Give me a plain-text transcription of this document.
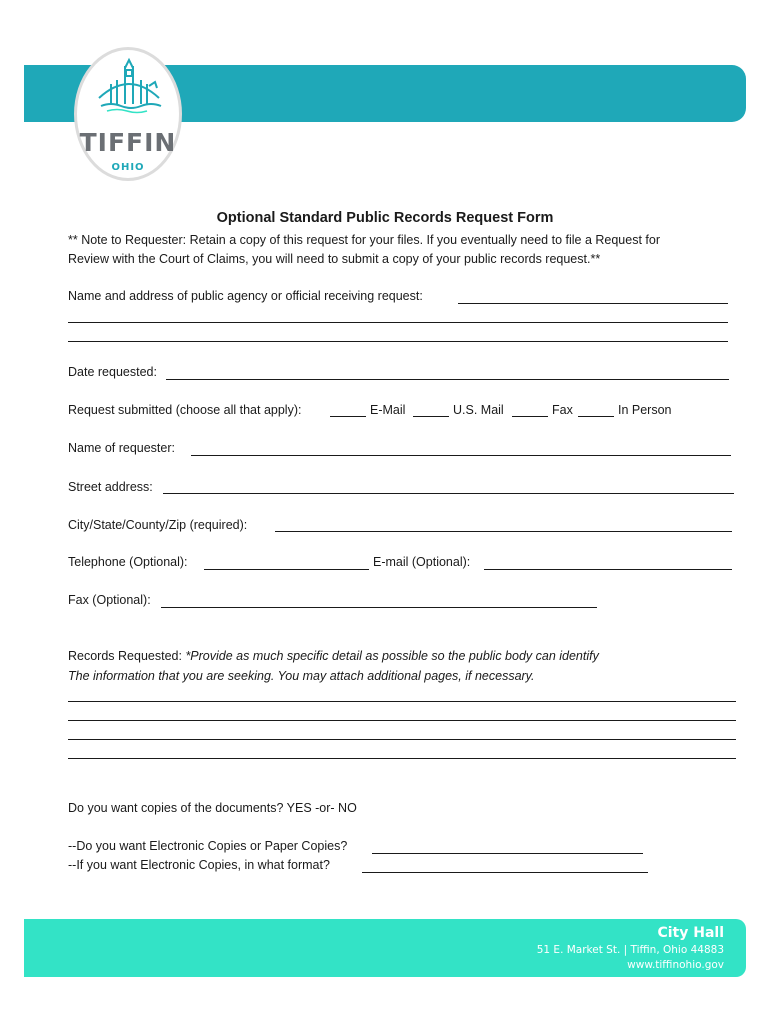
TIFFIN
OHIO
Optional Standard Public Records Request Form
** Note to Requester: Retain a copy of this request for your files. If you eventually need to file a Request for
Review with the Court of Claims, you will need to submit a copy of your public records request.**
Name and address of public agency or official receiving request:
Date requested:
Request submitted (choose all that apply):	E-Mail	U.S. Mail	Fax	In Person
Name of requester:
Street address:
City/State/County/Zip (required):
Telephone (Optional):	E-mail (Optional):
Fax (Optional):
Records Requested: *Provide as much specific detail as possible so the public body can identify
The information that you are seeking. You may attach additional pages, if necessary.
Do you want copies of the documents? YES -or- NO
--Do you want Electronic Copies or Paper Copies?
--If you want Electronic Copies, in what format?
City Hall
51 E. Market St. | Tiffin, Ohio 44883
www.tiffinohio.gov
